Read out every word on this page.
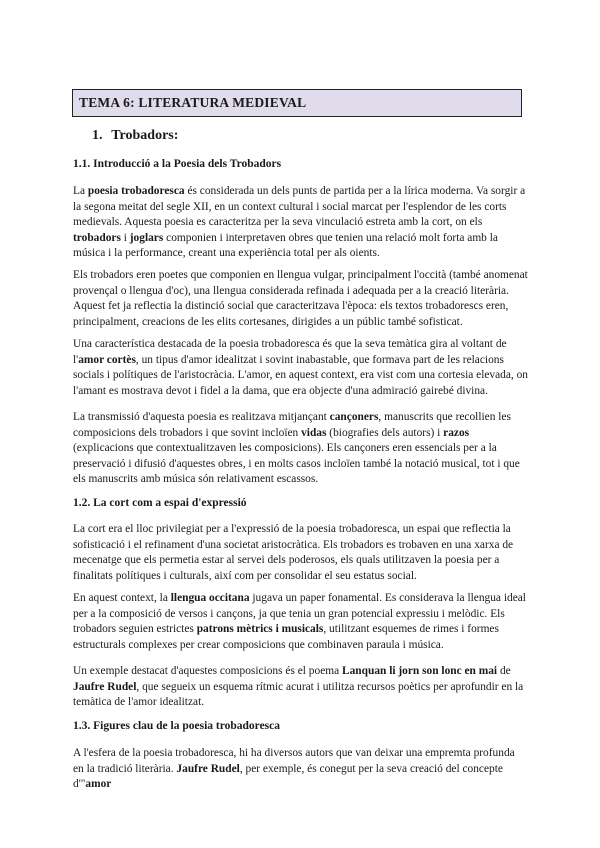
TEMA 6: LITERATURA MEDIEVAL
1. Trobadors:
1.1. Introducció a la Poesia dels Trobadors

La poesia trobadoresca és considerada un dels punts de partida per a la lírica moderna. Va sorgir a la segona meitat del segle XII, en un context cultural i social marcat per l'esplendor de les corts medievals. Aquesta poesia es caracteritza per la seva vinculació estreta amb la cort, on els trobadors i joglars componien i interpretaven obres que tenien una relació molt forta amb la música i la performance, creant una experiència total per als oients.

Els trobadors eren poetes que componien en llengua vulgar, principalment l'occità (també anomenat provençal o llengua d'oc), una llengua considerada refinada i adequada per a la creació literària. Aquest fet ja reflectia la distinció social que caracteritzava l'època: els textos trobadorescs eren, principalment, creacions de les elits cortesanes, dirigides a un públic també sofisticat.

Una característica destacada de la poesia trobadoresca és que la seva temàtica gira al voltant de l'amor cortès, un tipus d'amor idealitzat i sovint inabastable, que formava part de les relacions socials i polítiques de l'aristocràcia. L'amor, en aquest context, era vist com una cortesia elevada, on l'amant es mostrava devot i fidel a la dama, que era objecte d'una admiració gairebé divina.

La transmissió d'aquesta poesia es realitzava mitjançant cançoners, manuscrits que recollien les composicions dels trobadors i que sovint incloïen vidas (biografies dels autors) i razos (explicacions que contextualitzaven les composicions). Els cançoners eren essencials per a la preservació i difusió d'aquestes obres, i en molts casos incloïen també la notació musical, tot i que els manuscrits amb música són relativament escassos.

1.2. La cort com a espai d'expressió

La cort era el lloc privilegiat per a l'expressió de la poesia trobadoresca, un espai que reflectia la sofisticació i el refinament d'una societat aristocràtica. Els trobadors es trobaven en una xarxa de mecenatge que els permetia estar al servei dels poderosos, els quals utilitzaven la poesia per a finalitats polítiques i culturals, així com per consolidar el seu estatus social.

En aquest context, la llengua occitana jugava un paper fonamental. Es considerava la llengua ideal per a la composició de versos i cançons, ja que tenia un gran potencial expressiu i melòdic. Els trobadors seguien estrictes patrons mètrics i musicals, utilitzant esquemes de rimes i formes estructurals complexes per crear composicions que combinaven paraula i música.

Un exemple destacat d'aquestes composicions és el poema Lanquan li jorn son lonc en mai de Jaufre Rudel, que segueix un esquema rítmic acurat i utilitza recursos poètics per aprofundir en la temàtica de l'amor idealitzat.

1.3. Figures clau de la poesia trobadoresca

A l'esfera de la poesia trobadoresca, hi ha diversos autors que van deixar una empremta profunda en la tradició literària. Jaufre Rudel, per exemple, és conegut per la seva creació del concepte d'"amor
